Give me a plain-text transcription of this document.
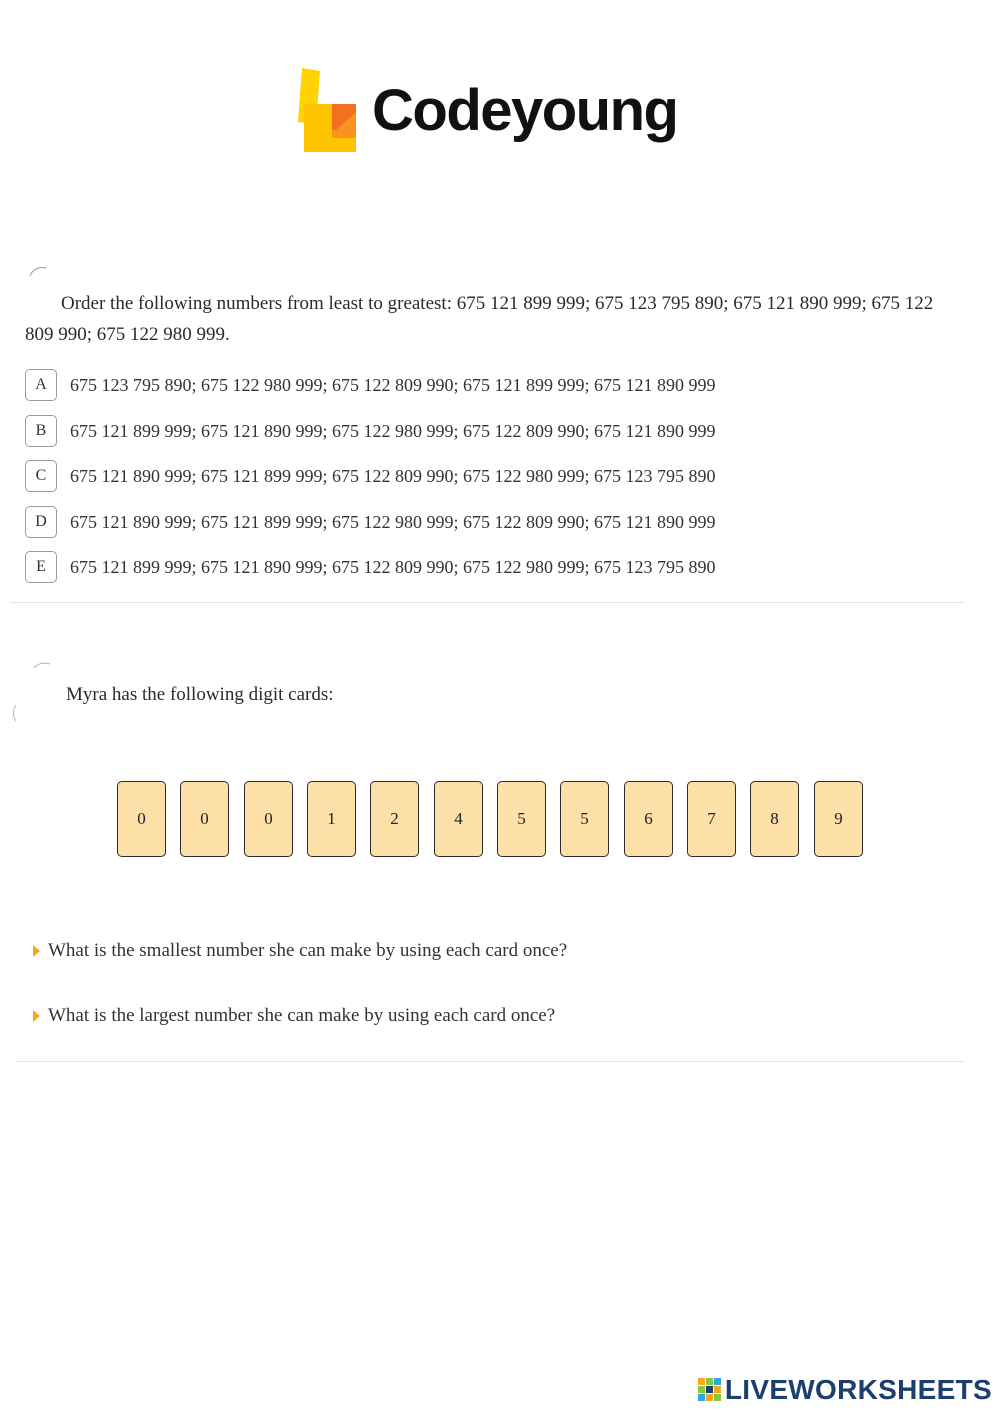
Codeyoung
Order the following numbers from least to greatest: 675 121 899 999; 675 123 795 890; 675 121 890 999; 675 122 809 990; 675 122 980 999.
A	675 123 795 890; 675 122 980 999; 675 122 809 990; 675 121 899 999; 675 121 890 999
B	675 121 899 999; 675 121 890 999; 675 122 980 999; 675 122 809 990; 675 121 890 999
C	675 121 890 999; 675 121 899 999; 675 122 809 990; 675 122 980 999; 675 123 795 890
D	675 121 890 999; 675 121 899 999; 675 122 980 999; 675 122 809 990; 675 121 890 999
E	675 121 899 999; 675 121 890 999; 675 122 809 990; 675 122 980 999; 675 123 795 890
Myra has the following digit cards:
0	0	0	1	2	4	5	5	6	7	8	9
What is the smallest number she can make by using each card once?
What is the largest number she can make by using each card once?
LIVEWORKSHEETS
